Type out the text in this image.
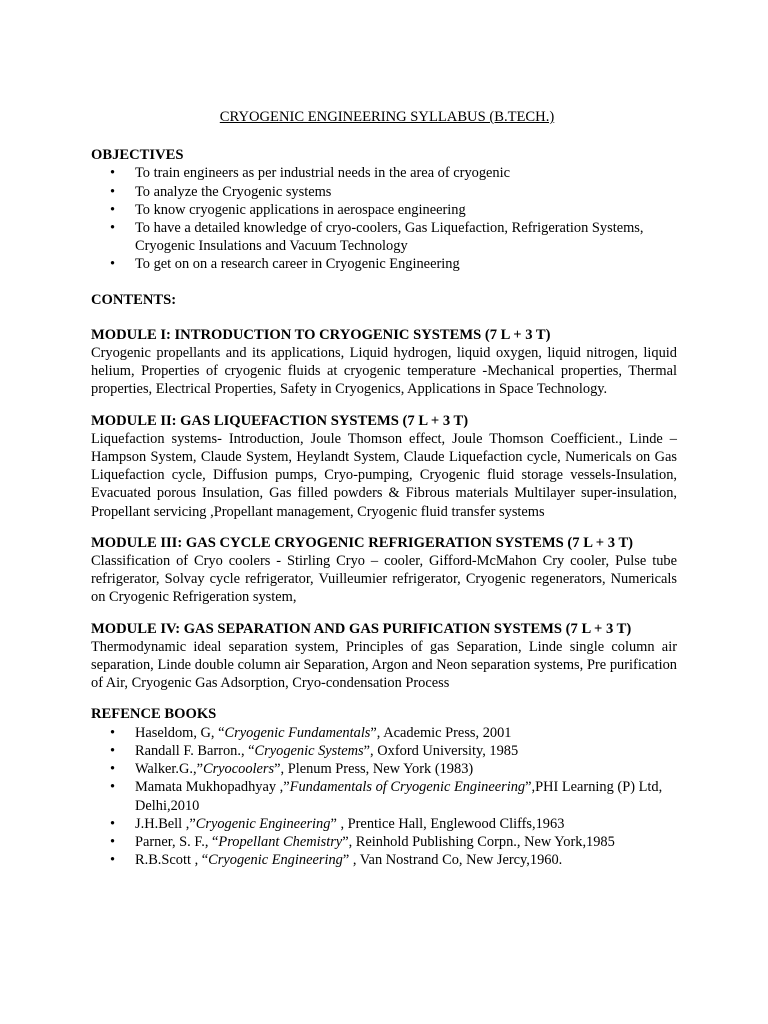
CRYOGENIC ENGINEERING SYLLABUS (B.TECH.)

OBJECTIVES

• To train engineers as per industrial needs in the area of cryogenic
• To analyze the Cryogenic systems
• To know cryogenic applications in aerospace engineering
• To have a detailed knowledge of cryo-coolers, Gas Liquefaction, Refrigeration Systems, Cryogenic Insulations and Vacuum Technology
• To get on on a research career in Cryogenic Engineering

CONTENTS:

MODULE I: INTRODUCTION TO CRYOGENIC SYSTEMS (7 L + 3 T)

Cryogenic propellants and its applications, Liquid hydrogen, liquid oxygen, liquid nitrogen, liquid helium, Properties of cryogenic fluids at cryogenic temperature -Mechanical properties, Thermal properties, Electrical Properties, Safety in Cryogenics, Applications in Space Technology.

MODULE II: GAS LIQUEFACTION SYSTEMS (7 L + 3 T)

Liquefaction systems- Introduction, Joule Thomson effect, Joule Thomson Coefficient., Linde – Hampson System, Claude System, Heylandt System, Claude Liquefaction cycle, Numericals on Gas Liquefaction cycle, Diffusion pumps, Cryo-pumping, Cryogenic fluid storage vessels-Insulation, Evacuated porous Insulation, Gas filled powders & Fibrous materials Multilayer super-insulation, Propellant servicing ,Propellant management, Cryogenic fluid transfer systems

MODULE III: GAS CYCLE CRYOGENIC REFRIGERATION SYSTEMS (7 L + 3 T)

Classification of Cryo coolers - Stirling Cryo – cooler, Gifford-McMahon Cry cooler, Pulse tube refrigerator, Solvay cycle refrigerator, Vuilleumier refrigerator, Cryogenic regenerators, Numericals on Cryogenic Refrigeration system,

MODULE IV: GAS SEPARATION AND GAS PURIFICATION SYSTEMS (7 L + 3 T)

Thermodynamic ideal separation system, Principles of gas Separation, Linde single column air separation, Linde double column air Separation, Argon and Neon separation systems, Pre purification of Air, Cryogenic Gas Adsorption, Cryo-condensation Process

REFENCE BOOKS

• Haseldom, G, “Cryogenic Fundamentals”, Academic Press, 2001
• Randall F. Barron., “Cryogenic Systems”, Oxford University, 1985
• Walker.G.,”Cryocoolers”, Plenum Press, New York (1983)
• Mamata Mukhopadhyay ,”Fundamentals of Cryogenic Engineering”,PHI Learning (P) Ltd, Delhi,2010
• J.H.Bell ,”Cryogenic Engineering” , Prentice Hall, Englewood Cliffs,1963
• Parner, S. F., “Propellant Chemistry”, Reinhold Publishing Corpn., New York,1985
• R.B.Scott , “Cryogenic Engineering” , Van Nostrand Co, New Jercy,1960.
